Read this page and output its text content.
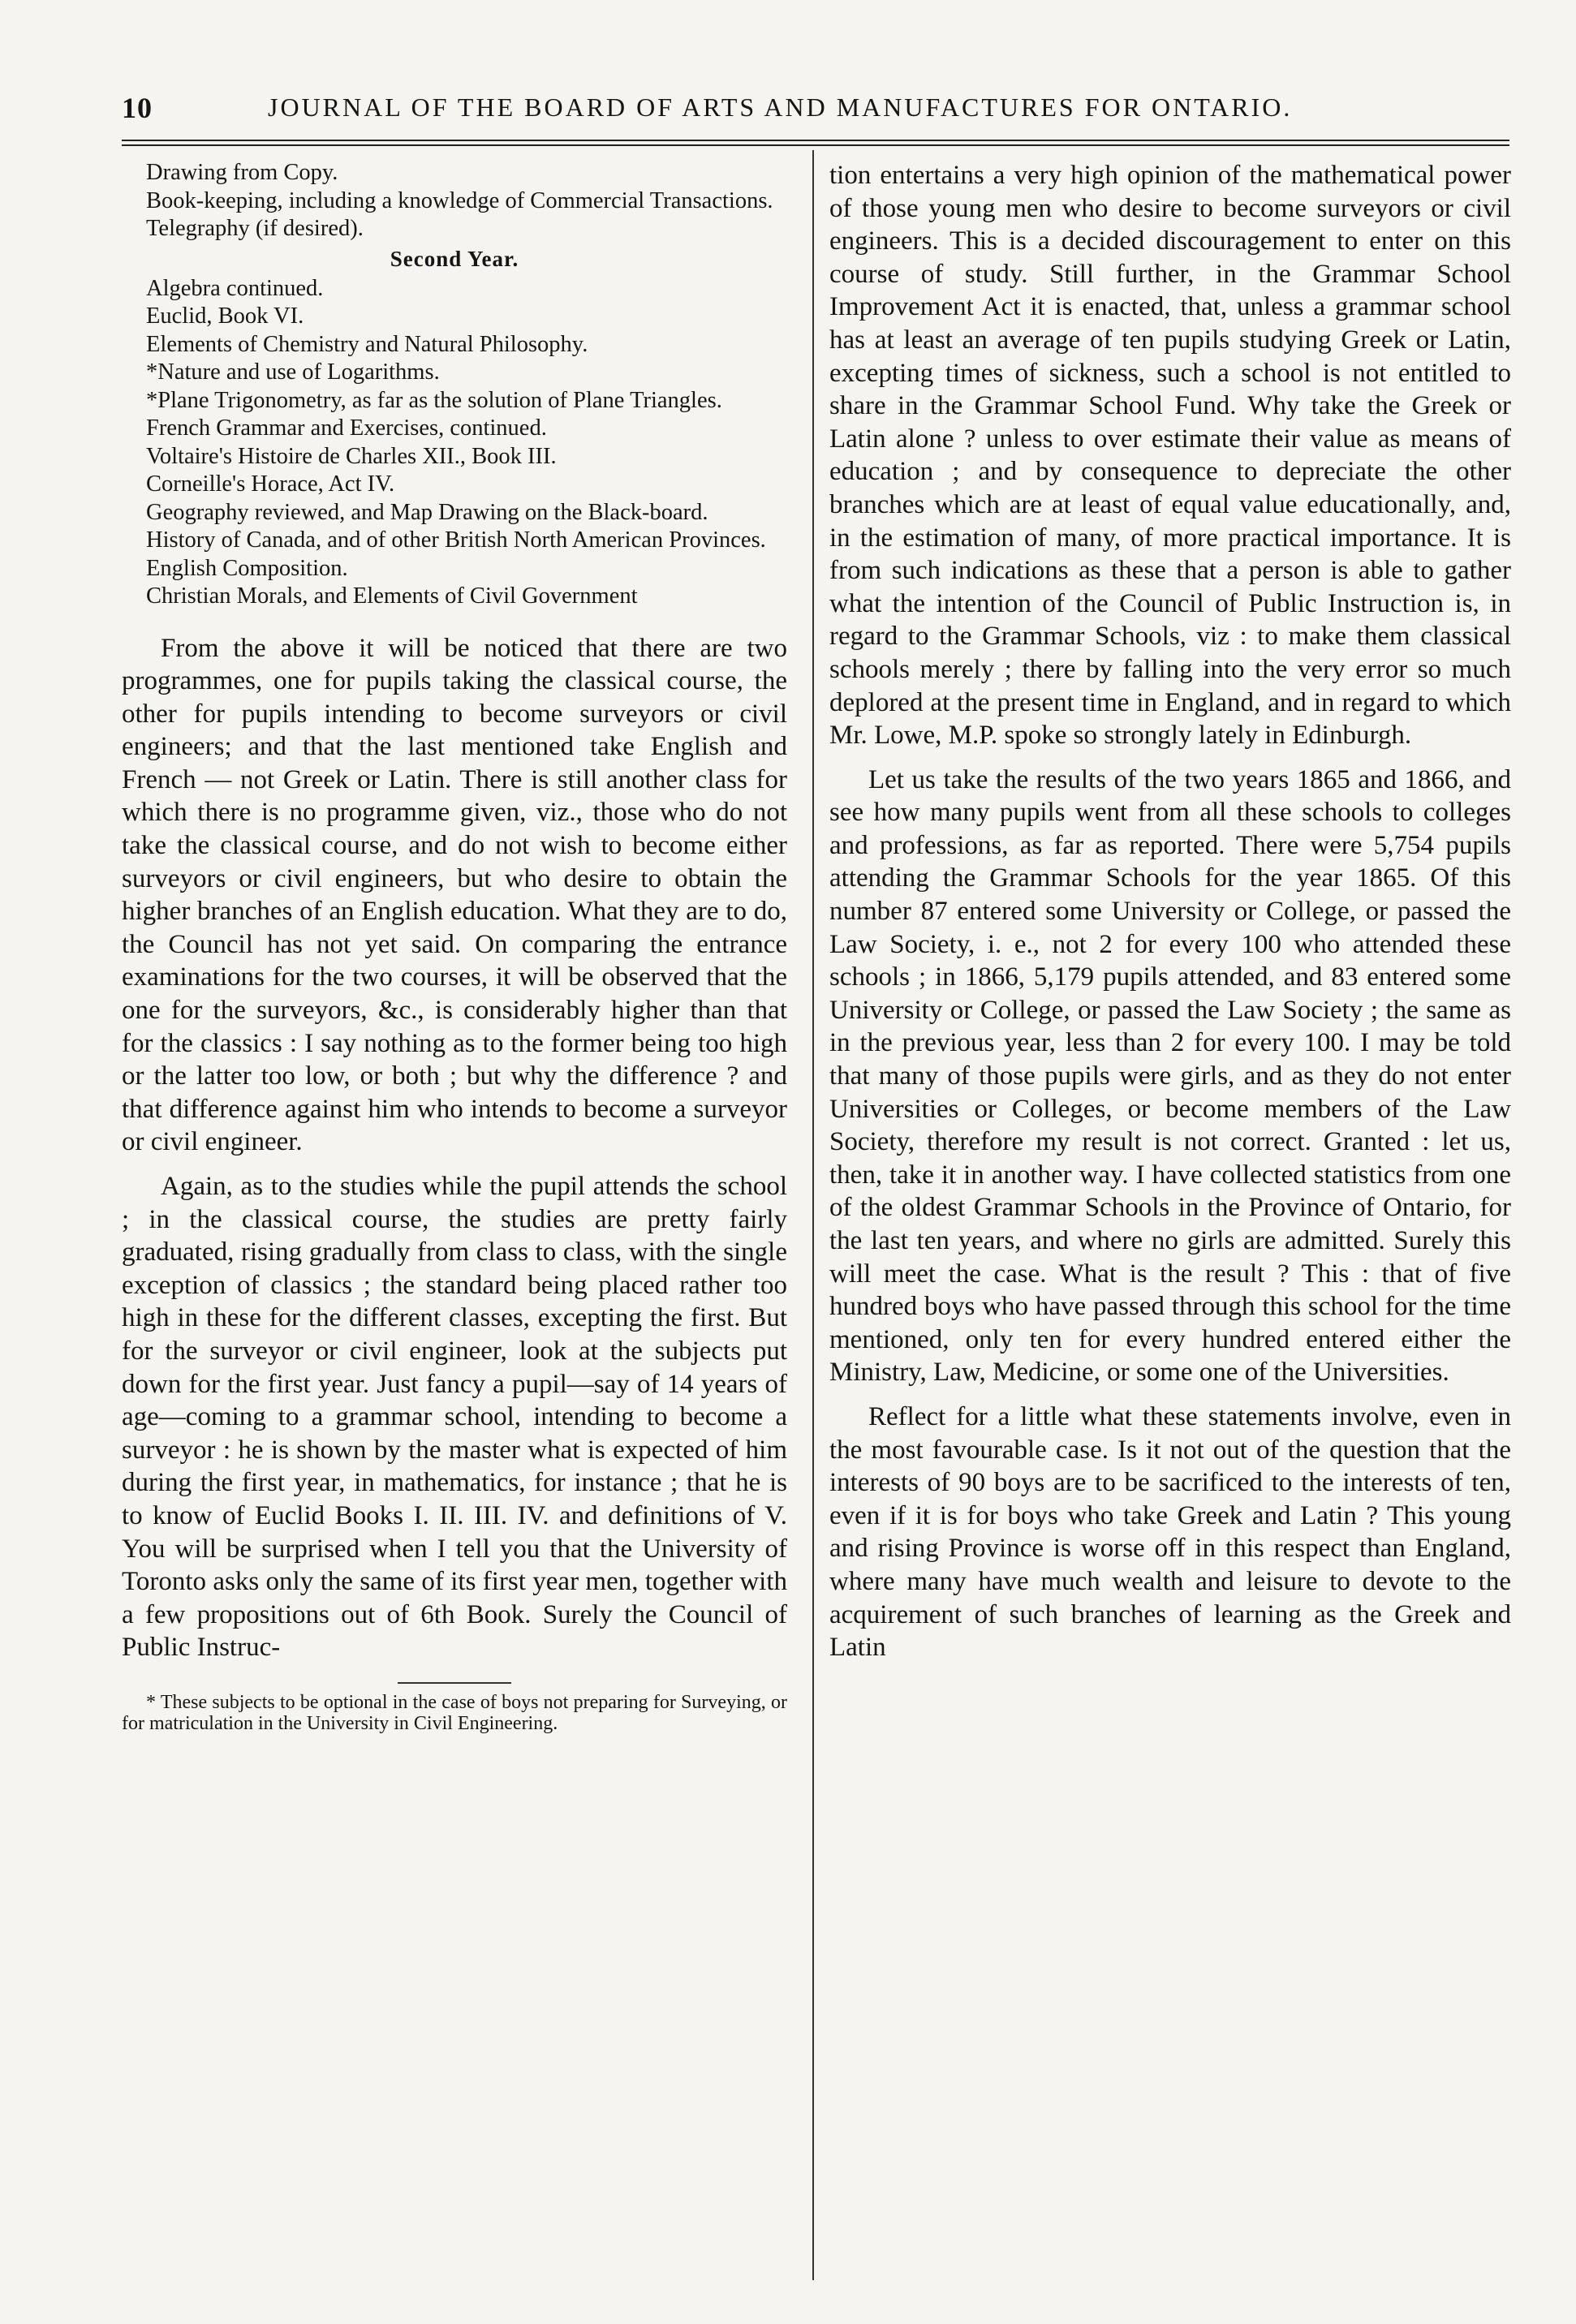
10	JOURNAL OF THE BOARD OF ARTS AND MANUFACTURES FOR ONTARIO.
Drawing from Copy.
Book-keeping, including a knowledge of Commercial Transactions. Telegraphy (if desired).
Second Year.
Algebra continued.
Euclid, Book VI.
Elements of Chemistry and Natural Philosophy.
*Nature and use of Logarithms.
*Plane Trigonometry, as far as the solution of Plane Triangles.
French Grammar and Exercises, continued.
Voltaire's Histoire de Charles XII., Book III.
Corneille's Horace, Act IV.
Geography reviewed, and Map Drawing on the Black-board.
History of Canada, and of other British North American Provinces.
English Composition.
Christian Morals, and Elements of Civil Government

From the above it will be noticed that there are two programmes, one for pupils taking the classical course, the other for pupils intending to become surveyors or civil engineers; and that the last mentioned take English and French — not Greek or Latin. There is still another class for which there is no programme given, viz., those who do not take the classical course, and do not wish to become either surveyors or civil engineers, but who desire to obtain the higher branches of an English education. What they are to do, the Council has not yet said. On comparing the entrance examinations for the two courses, it will be observed that the one for the surveyors, &c., is considerably higher than that for the classics : I say nothing as to the former being too high or the latter too low, or both ; but why the difference ? and that difference against him who intends to become a surveyor or civil engineer.

Again, as to the studies while the pupil attends the school ; in the classical course, the studies are pretty fairly graduated, rising gradually from class to class, with the single exception of classics ; the standard being placed rather too high in these for the different classes, excepting the first. But for the surveyor or civil engineer, look at the subjects put down for the first year. Just fancy a pupil—say of 14 years of age—coming to a grammar school, intending to become a surveyor : he is shown by the master what is expected of him during the first year, in mathematics, for instance ; that he is to know of Euclid Books I. II. III. IV. and definitions of V. You will be surprised when I tell you that the University of Toronto asks only the same of its first year men, together with a few propositions out of 6th Book. Surely the Council of Public Instruc-

* These subjects to be optional in the case of boys not preparing for Surveying, or for matriculation in the University in Civil Engineering.

tion entertains a very high opinion of the mathematical power of those young men who desire to become surveyors or civil engineers. This is a decided discouragement to enter on this course of study. Still further, in the Grammar School Improvement Act it is enacted, that, unless a grammar school has at least an average of ten pupils studying Greek or Latin, excepting times of sickness, such a school is not entitled to share in the Grammar School Fund. Why take the Greek or Latin alone ? unless to over estimate their value as means of education ; and by consequence to depreciate the other branches which are at least of equal value educationally, and, in the estimation of many, of more practical importance. It is from such indications as these that a person is able to gather what the intention of the Council of Public Instruction is, in regard to the Grammar Schools, viz : to make them classical schools merely ; there by falling into the very error so much deplored at the present time in England, and in regard to which Mr. Lowe, M.P. spoke so strongly lately in Edinburgh.

Let us take the results of the two years 1865 and 1866, and see how many pupils went from all these schools to colleges and professions, as far as reported. There were 5,754 pupils attending the Grammar Schools for the year 1865. Of this number 87 entered some University or College, or passed the Law Society, i. e., not 2 for every 100 who attended these schools ; in 1866, 5,179 pupils attended, and 83 entered some University or College, or passed the Law Society ; the same as in the previous year, less than 2 for every 100. I may be told that many of those pupils were girls, and as they do not enter Universities or Colleges, or become members of the Law Society, therefore my result is not correct. Granted : let us, then, take it in another way. I have collected statistics from one of the oldest Grammar Schools in the Province of Ontario, for the last ten years, and where no girls are admitted. Surely this will meet the case. What is the result ? This : that of five hundred boys who have passed through this school for the time mentioned, only ten for every hundred entered either the Ministry, Law, Medicine, or some one of the Universities.

Reflect for a little what these statements involve, even in the most favourable case. Is it not out of the question that the interests of 90 boys are to be sacrificed to the interests of ten, even if it is for boys who take Greek and Latin ? This young and rising Province is worse off in this respect than England, where many have much wealth and leisure to devote to the acquirement of such branches of learning as the Greek and Latin
